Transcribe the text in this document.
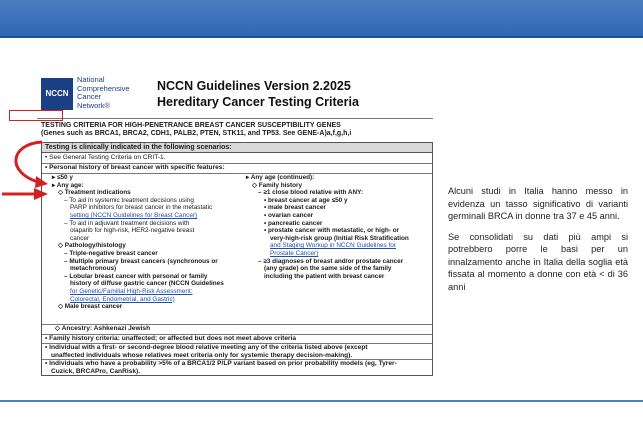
NCCN
National
Comprehensive
Cancer
Network®
NCCN Guidelines Version 2.2025
Hereditary Cancer Testing Criteria
TESTING CRITERIA FOR HIGH-PENETRANCE BREAST CANCER SUSCEPTIBILITY GENES
(Genes such as BRCA1, BRCA2, CDH1, PALB2, PTEN, STK11, and TP53. See GENE-A)a,f,g,h,i
Testing is clinically indicated in the following scenarios:
• See General Testing Criteria on CRIT-1.
• Personal history of breast cancer with specific features:
▸ ≤50 y
▸ Any age:
◇ Treatment indications
– To aid in systemic treatment decisions using
PARP inhibitors for breast cancer in the metastatic
setting (NCCN Guidelines for Breast Cancer)
– To aid in adjuvant treatment decisions with
olaparib for high-risk, HER2-negative breast
cancer
◇ Pathology/histology
– Triple-negative breast cancer
– Multiple primary breast cancers (synchronous or
metachronous)
– Lobular breast cancer with personal or family
history of diffuse gastric cancer (NCCN Guidelines
for Genetic/Familial High-Risk Assessment:
Colorectal, Endometrial, and Gastric)
◇ Male breast cancer
▸ Any age (continued):
◇ Family history
– ≥1 close blood relative with ANY:
• breast cancer at age ≤50 y
• male breast cancer
• ovarian cancer
• pancreatic cancer
• prostate cancer with metastatic, or high- or
very-high-risk group (Initial Risk Stratification
and Staging Workup in NCCN Guidelines for
Prostate Cancer)
– ≥3 diagnoses of breast and/or prostate cancer
(any grade) on the same side of the family
including the patient with breast cancer
◇ Ancestry: Ashkenazi Jewish
• Family history criteria: unaffected; or affected but does not meet above criteria
• Individual with a first- or second-degree blood relative meeting any of the criteria listed above (except
unaffected individuals whose relatives meet criteria only for systemic therapy decision-making).
• Individuals who have a probability >5% of a BRCA1/2 P/LP variant based on prior probability models (eg, Tyrer-
Cuzick, BRCAPro, CanRisk).

Alcuni studi in Italia hanno messo in evidenza un tasso significativo di varianti germinali BRCA in donne tra 37 e 45 anni.

Se consolidati su dati più ampi si potrebbero porre le basi per un innalzamento anche in Italia della soglia età fissata al momento a donne con età < di 36 anni
